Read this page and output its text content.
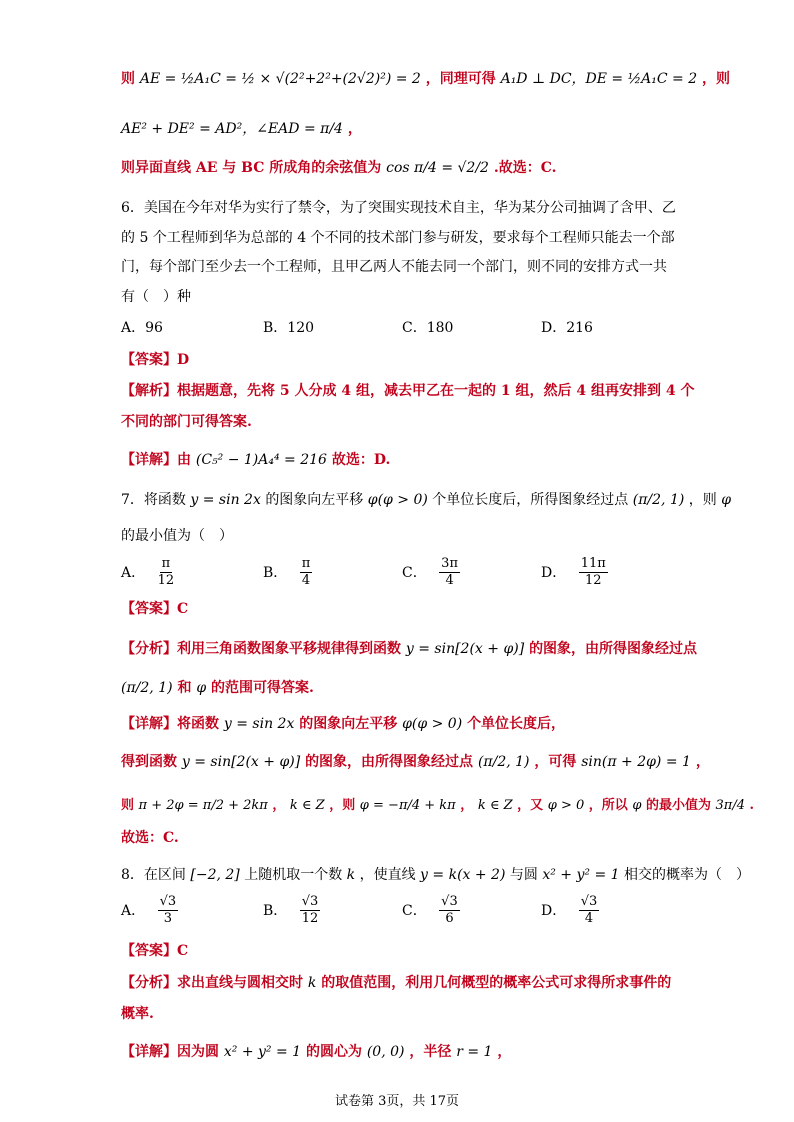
则 AE = ½A₁C = ½ × √(2²+2²+(2√2)²) = 2 ，同理可得 A₁D ⊥ DC，DE = ½A₁C = 2 ，则
AE² + DE² = AD²，∠EAD = π/4 ，
则异面直线 AE 与 BC 所成角的余弦值为 cos π/4 = √2/2 .故选：C.
6．美国在今年对华为实行了禁令，为了突围实现技术自主，华为某分公司抽调了含甲、乙
的 5 个工程师到华为总部的 4 个不同的技术部门参与研发，要求每个工程师只能去一个部
门，每个部门至少去一个工程师，且甲乙两人不能去同一个部门，则不同的安排方式一共
有（　）种
A．96	B．120	C．180	D．216
【答案】D
【解析】根据题意，先将 5 人分成 4 组，减去甲乙在一起的 1 组，然后 4 组再安排到 4 个
不同的部门可得答案.
【详解】由 (C₅² − 1)A₄⁴ = 216 故选：D.
7．将函数 y = sin 2x 的图象向左平移 φ(φ > 0) 个单位长度后，所得图象经过点 (π/2, 1) ，则 φ
的最小值为（　）
A． $\frac{\pi}{12}$	B． $\frac{\pi}{4}$	C． $\frac{3\pi}{4}$	D． $\frac{11\pi}{12}$
【答案】C
【分析】利用三角函数图象平移规律得到函数 y = sin[2(x + φ)] 的图象，由所得图象经过点
(π/2, 1) 和 φ 的范围可得答案.
【详解】将函数 y = sin 2x 的图象向左平移 φ(φ > 0) 个单位长度后，
得到函数 y = sin[2(x + φ)] 的图象，由所得图象经过点 (π/2, 1) ，可得 sin(π + 2φ) = 1 ，
则 π + 2φ = π/2 + 2kπ ， k ∈ Z ，则 φ = −π/4 + kπ ， k ∈ Z ，又 φ > 0 ，所以 φ 的最小值为 3π/4 .
故选：C.
8．在区间 [−2, 2] 上随机取一个数 k ，使直线 y = k(x + 2) 与圆 x² + y² = 1 相交的概率为（　）
A． $\frac{√3}{3}$	B． $\frac{√3}{12}$	C． $\frac{√3}{6}$	D． $\frac{√3}{4}$
【答案】C
【分析】求出直线与圆相交时 k 的取值范围，利用几何概型的概率公式可求得所求事件的
概率.
【详解】因为圆 x² + y² = 1 的圆心为 (0, 0) ，半径 r = 1 ，
试卷第 3页，共 17页
